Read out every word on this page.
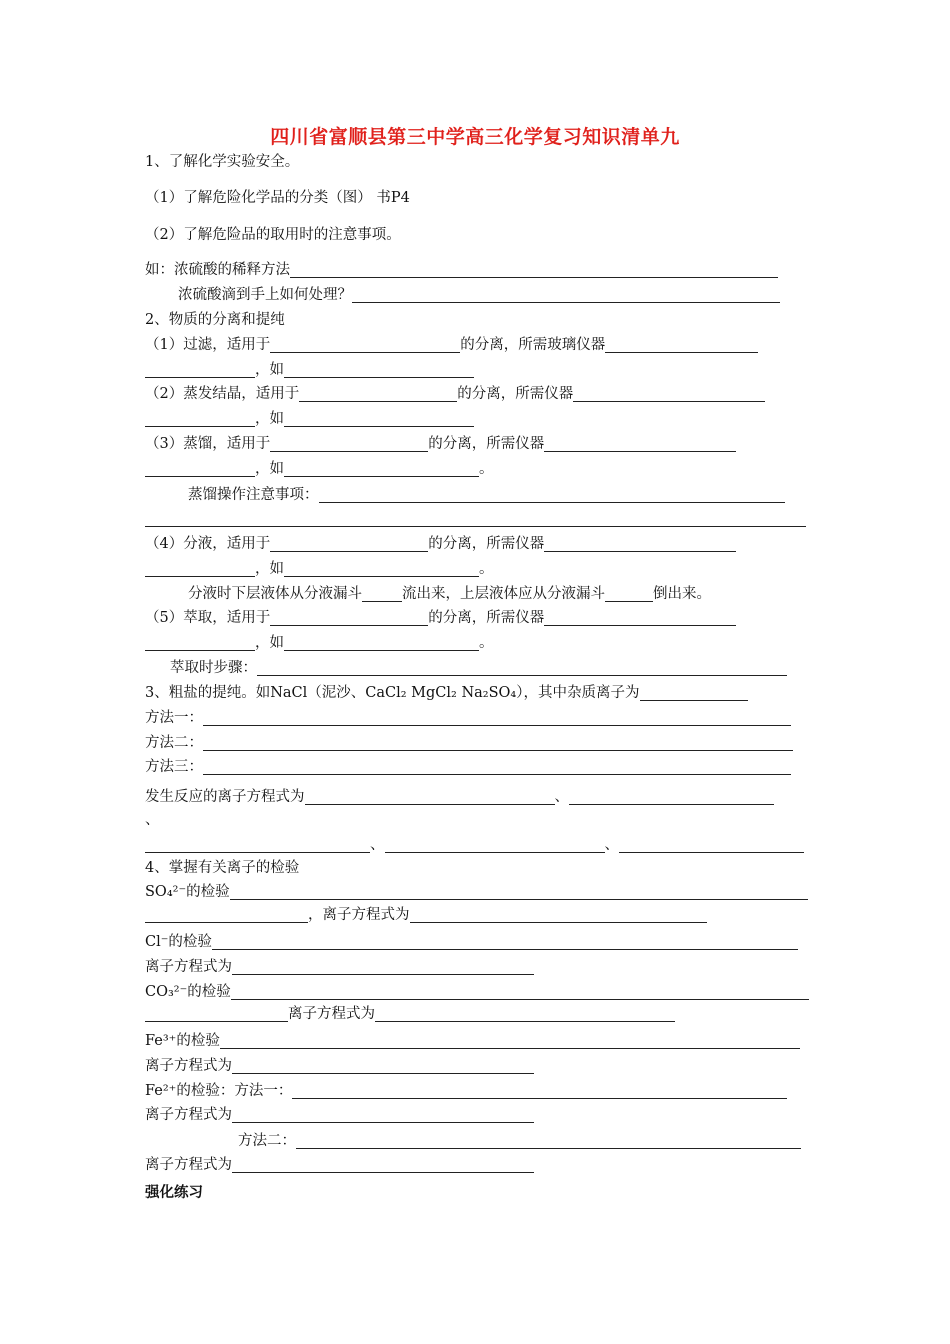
四川省富顺县第三中学高三化学复习知识清单九
1、了解化学实验安全。
（1）了解危险化学品的分类（图） 书P4
（2）了解危险品的取用时的注意事项。
如：浓硫酸的稀释方法
浓硫酸滴到手上如何处理？
2、物质的分离和提纯
（1）过滤，适用于	的分离，所需玻璃仪器
，如
（2）蒸发结晶，适用于	的分离，所需仪器
，如
（3）蒸馏，适用于	的分离，所需仪器
，如	。
蒸馏操作注意事项：
（4）分液，适用于	的分离，所需仪器
，如	。
分液时下层液体从分液漏斗	流出来，上层液体应从分液漏斗	倒出来。
（5）萃取，适用于	的分离，所需仪器
，如	。
萃取时步骤：
3、粗盐的提纯。如NaCl（泥沙、CaCl₂ MgCl₂ Na₂SO₄），其中杂质离子为
方法一：
方法二：
方法三：
发生反应的离子方程式为	、
、
、	、
4、掌握有关离子的检验
SO₄²⁻的检验
，离子方程式为
Cl⁻的检验
离子方程式为
CO₃²⁻的检验
离子方程式为
Fe³⁺的检验
离子方程式为
Fe²⁺的检验：方法一：
离子方程式为
方法二：
离子方程式为
强化练习
